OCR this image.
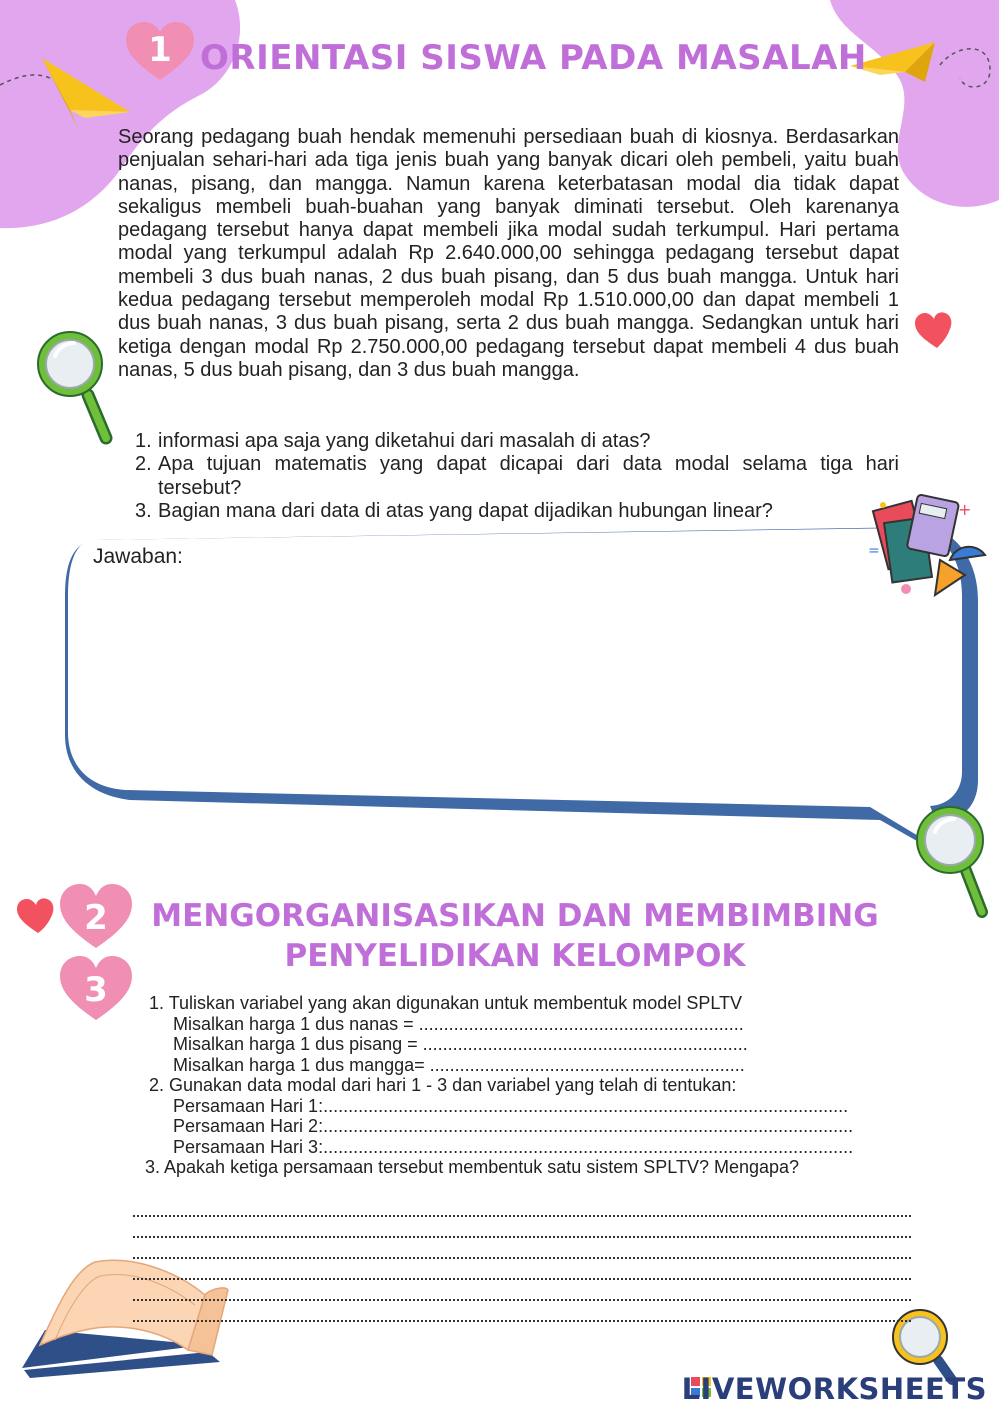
+
=
1 ORIENTASI SISWA PADA MASALAH
Seorang pedagang buah hendak memenuhi persediaan buah di kiosnya. Berdasarkan penjualan sehari-hari ada tiga jenis buah yang banyak dicari oleh pembeli, yaitu buah nanas, pisang, dan mangga. Namun karena keterbatasan modal dia tidak dapat sekaligus membeli buah-buahan yang banyak diminati tersebut. Oleh karenanya pedagang tersebut hanya dapat membeli jika modal sudah terkumpul. Hari pertama modal yang terkumpul adalah Rp 2.640.000,00 sehingga pedagang tersebut dapat membeli 3 dus buah nanas, 2 dus buah pisang, dan 5 dus buah mangga. Untuk hari kedua pedagang tersebut memperoleh modal Rp 1.510.000,00 dan dapat membeli 1 dus buah nanas, 3 dus buah pisang, serta 2 dus buah mangga. Sedangkan untuk hari ketiga dengan modal Rp 2.750.000,00 pedagang tersebut dapat membeli 4 dus buah nanas, 5 dus buah pisang, dan 3 dus buah mangga.
1. informasi apa saja yang diketahui dari masalah di atas?
2. Apa tujuan matematis yang dapat dicapai dari data modal selama tiga hari tersebut?
3. Bagian mana dari data di atas yang dapat dijadikan hubungan linear?
Jawaban:
2
3
MENGORGANISASIKAN DAN MEMBIMBING
PENYELIDIKAN KELOMPOK
1. Tuliskan variabel yang akan digunakan untuk membentuk model SPLTV
Misalkan harga 1 dus nanas = .................................................................
Misalkan harga 1 dus pisang = .................................................................
Misalkan harga 1 dus mangga= ...............................................................
2. Gunakan data modal dari hari 1 - 3 dan variabel yang telah di tentukan:
Persamaan Hari 1:.........................................................................................................
Persamaan Hari 2:..........................................................................................................
Persamaan Hari 3:..........................................................................................................
3. Apakah ketiga persamaan tersebut membentuk satu sistem SPLTV? Mengapa?
L I
V E LIVEWORKSHEETS
